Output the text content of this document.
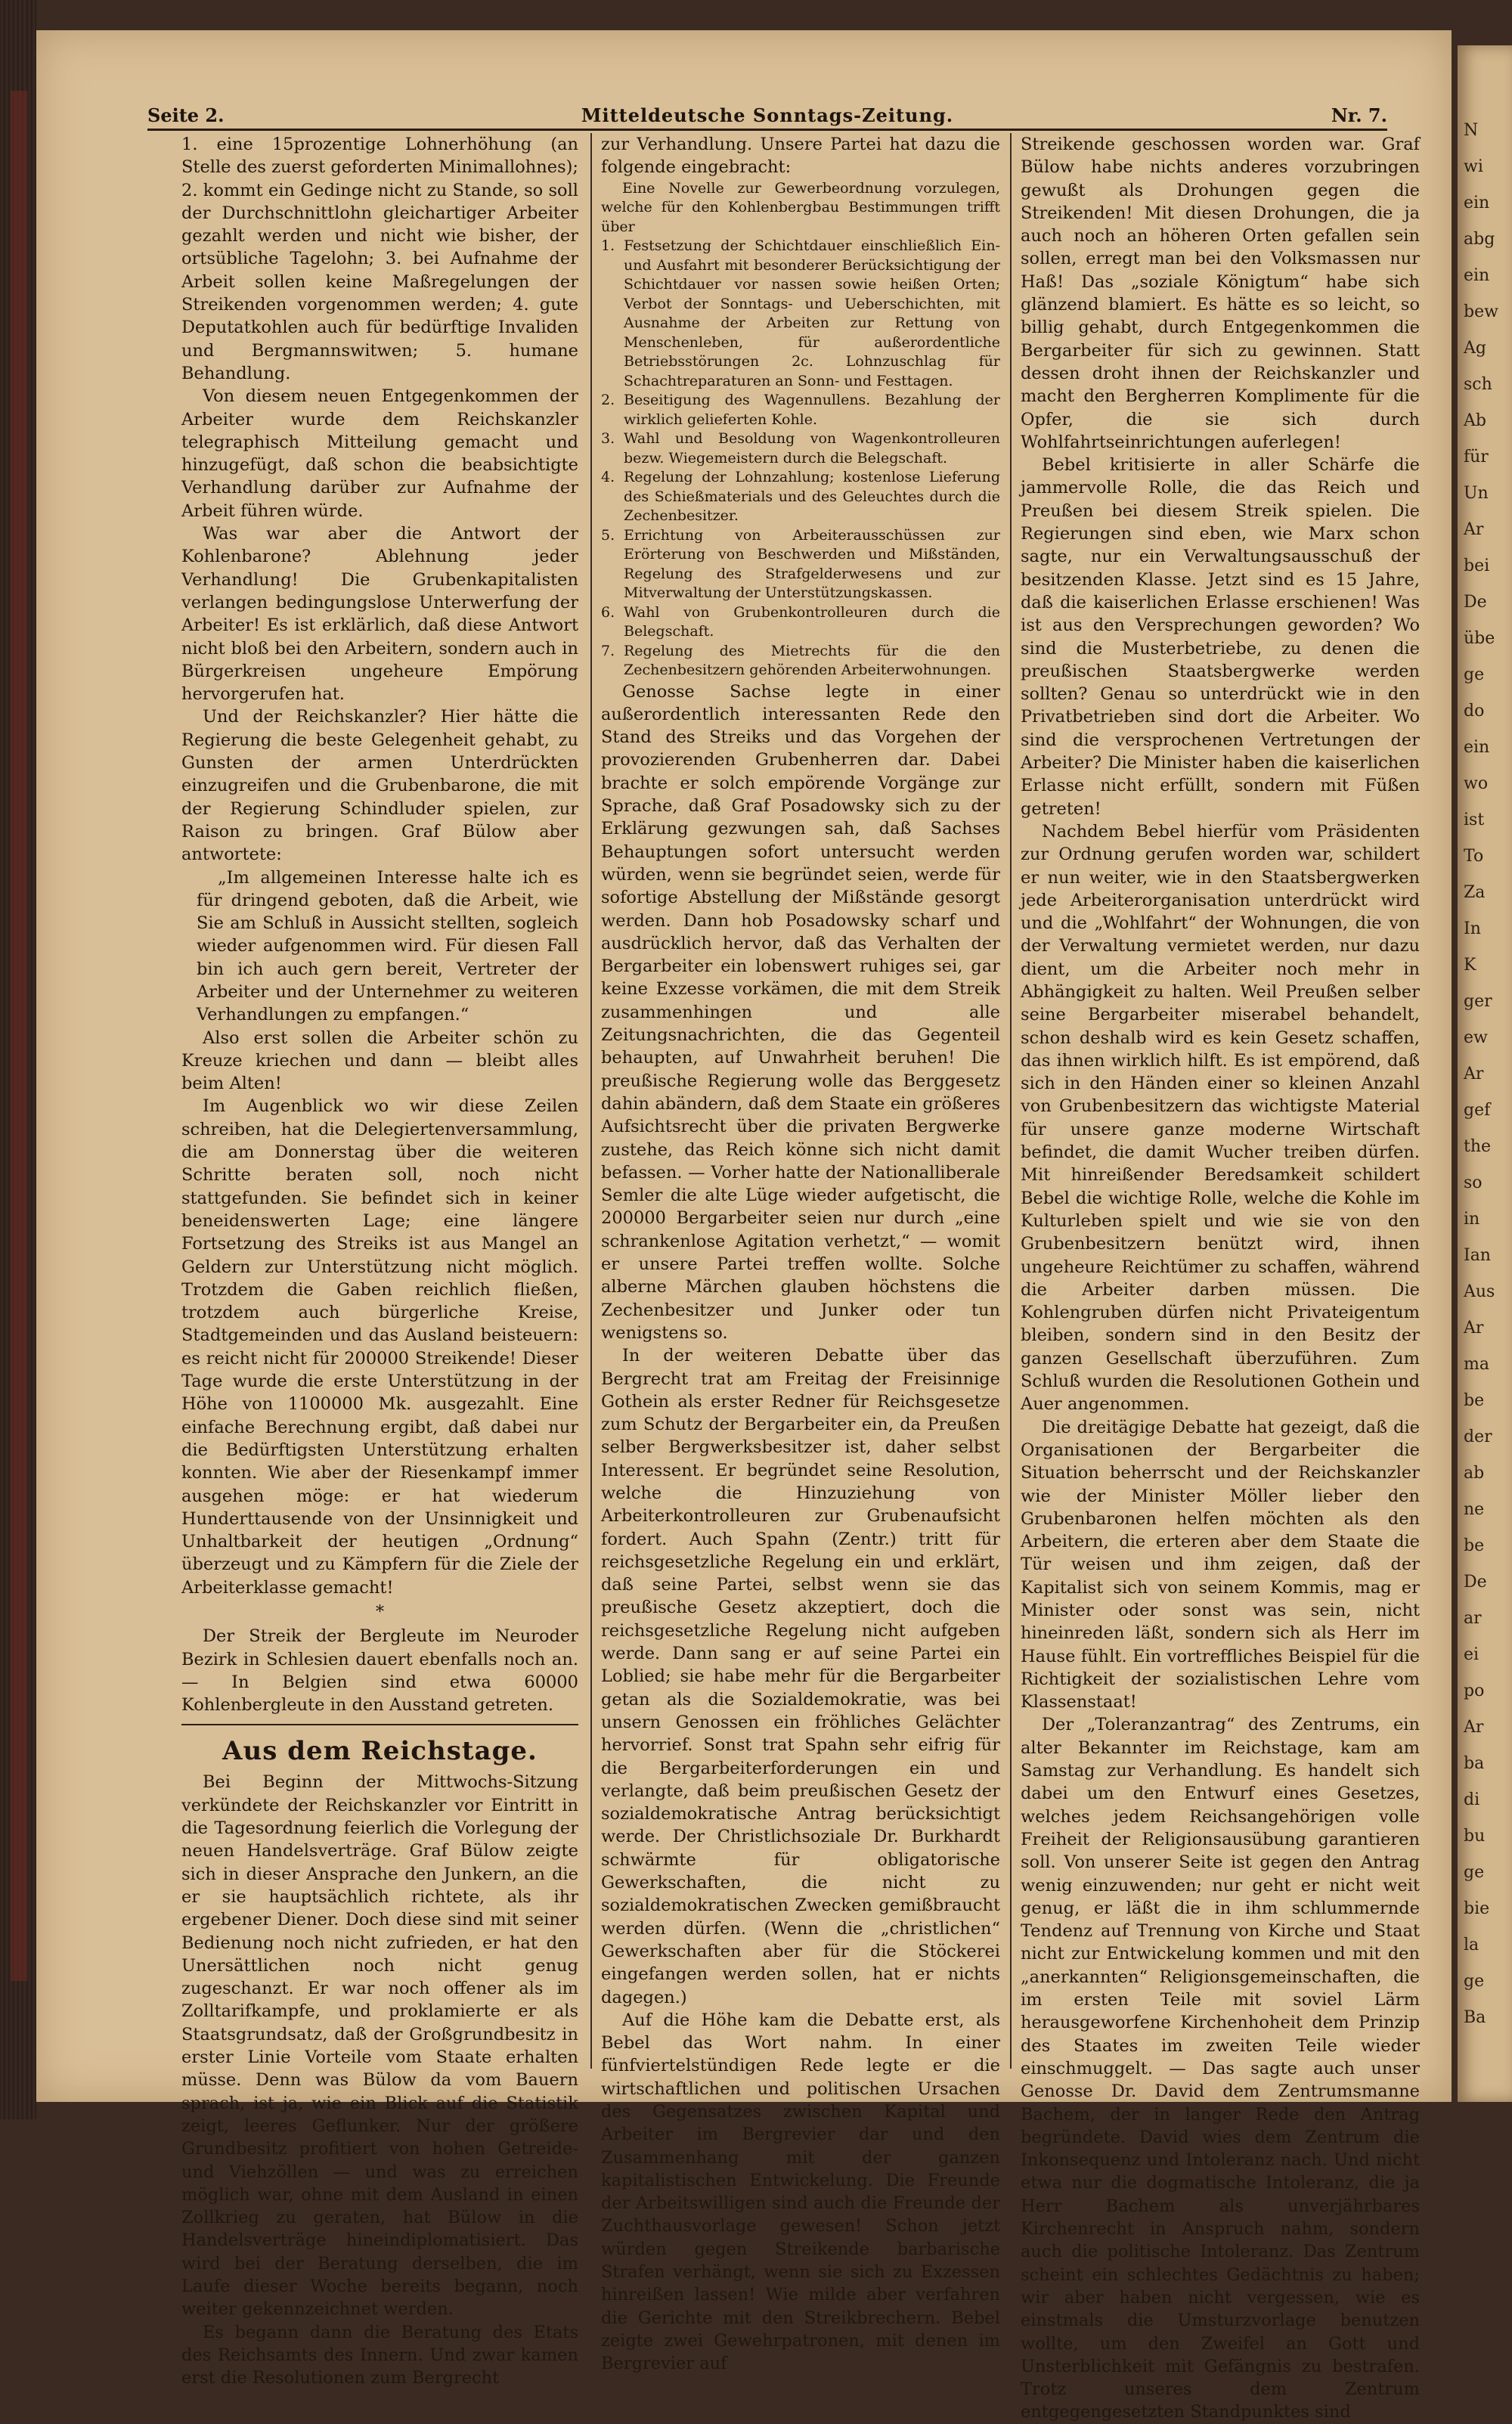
N
wi
ein
abg
ein
bew
Ag
sch
Ab
für
Un
Ar
bei
De
übe
ge
do
ein
wo
ist
To
Za
In
K
ger
ew
Ar
gef
the
so
in
Ian
Aus
Ar
ma
be
der
ab
ne
be
De
ar
ei
po
Ar
ba
di
bu
ge
bie
la
ge
Ba
Seite 2.	Mitteldeutsche Sonntags-Zeitung.	Nr. 7.

1. eine 15prozentige Lohnerhöhung (an Stelle des zuerst geforderten Minimallohnes); 2. kommt ein Gedinge nicht zu Stande, so soll der Durchschnittlohn gleichartiger Arbeiter gezahlt werden und nicht wie bisher, der ortsübliche Tagelohn; 3. bei Aufnahme der Arbeit sollen keine Maßregelungen der Streikenden vorgenommen werden; 4. gute Deputatkohlen auch für bedürftige Invaliden und Bergmannswitwen; 5. humane Behandlung.

Von diesem neuen Entgegenkommen der Arbeiter wurde dem Reichskanzler telegraphisch Mitteilung gemacht und hinzugefügt, daß schon die beabsichtigte Verhandlung darüber zur Aufnahme der Arbeit führen würde.

Was war aber die Antwort der Kohlenbarone? Ablehnung jeder Verhandlung! Die Grubenkapitalisten verlangen bedingungslose Unterwerfung der Arbeiter! Es ist erklärlich, daß diese Antwort nicht bloß bei den Arbeitern, sondern auch in Bürgerkreisen ungeheure Empörung hervorgerufen hat.

Und der Reichskanzler? Hier hätte die Regierung die beste Gelegenheit gehabt, zu Gunsten der armen Unterdrückten einzugreifen und die Grubenbarone, die mit der Regierung Schindluder spielen, zur Raison zu bringen. Graf Bülow aber antwortete:

„Im allgemeinen Interesse halte ich es für dringend geboten, daß die Arbeit, wie Sie am Schluß in Aussicht stellten, sogleich wieder aufgenommen wird. Für diesen Fall bin ich auch gern bereit, Vertreter der Arbeiter und der Unternehmer zu weiteren Verhandlungen zu empfangen.“

Also erst sollen die Arbeiter schön zu Kreuze kriechen und dann — bleibt alles beim Alten!

Im Augenblick wo wir diese Zeilen schreiben, hat die Delegiertenversammlung, die am Donnerstag über die weiteren Schritte beraten soll, noch nicht stattgefunden. Sie befindet sich in keiner beneidenswerten Lage; eine längere Fortsetzung des Streiks ist aus Mangel an Geldern zur Unterstützung nicht möglich. Trotzdem die Gaben reichlich fließen, trotzdem auch bürgerliche Kreise, Stadtgemeinden und das Ausland beisteuern: es reicht nicht für 200000 Streikende! Dieser Tage wurde die erste Unterstützung in der Höhe von 1100000 Mk. ausgezahlt. Eine einfache Berechnung ergibt, daß dabei nur die Bedürftigsten Unterstützung erhalten konnten. Wie aber der Riesenkampf immer ausgehen möge: er hat wiederum Hunderttausende von der Unsinnigkeit und Unhaltbarkeit der heutigen „Ordnung“ überzeugt und zu Kämpfern für die Ziele der Arbeiterklasse gemacht!

*

Der Streik der Bergleute im Neuroder Bezirk in Schlesien dauert ebenfalls noch an. — In Belgien sind etwa 60000 Kohlenbergleute in den Ausstand getreten.

Aus dem Reichstage.

Bei Beginn der Mittwochs-Sitzung verkündete der Reichskanzler vor Eintritt in die Tagesordnung feierlich die Vorlegung der neuen Handelsverträge. Graf Bülow zeigte sich in dieser Ansprache den Junkern, an die er sie hauptsächlich richtete, als ihr ergebener Diener. Doch diese sind mit seiner Bedienung noch nicht zufrieden, er hat den Unersättlichen noch nicht genug zugeschanzt. Er war noch offener als im Zolltarifkampfe, und proklamierte er als Staatsgrundsatz, daß der Großgrundbesitz in erster Linie Vorteile vom Staate erhalten müsse. Denn was Bülow da vom Bauern sprach, ist ja, wie ein Blick auf die Statistik zeigt, leeres Geflunker. Nur der größere Grundbesitz profitiert von hohen Getreide- und Viehzöllen — und was zu erreichen möglich war, ohne mit dem Ausland in einen Zollkrieg zu geraten, hat Bülow in die Handelsverträge hineindiplomatisiert. Das wird bei der Beratung derselben, die im Laufe dieser Woche bereits begann, noch weiter gekennzeichnet werden.

Es begann dann die Beratung des Etats des Reichsamts des Innern. Und zwar kamen erst die Resolutionen zum Bergrecht

zur Verhandlung. Unsere Partei hat dazu die folgende eingebracht:

Eine Novelle zur Gewerbeordnung vorzulegen, welche für den Kohlenbergbau Bestimmungen trifft über

1. Festsetzung der Schichtdauer einschließlich Ein- und Ausfahrt mit besonderer Berücksichtigung der Schichtdauer vor nassen sowie heißen Orten; Verbot der Sonntags- und Ueberschichten, mit Ausnahme der Arbeiten zur Rettung von Menschenleben, für außerordentliche Betriebsstörungen 2c. Lohnzuschlag für Schachtreparaturen an Sonn- und Festtagen.

2. Beseitigung des Wagennullens. Bezahlung der wirklich gelieferten Kohle.

3. Wahl und Besoldung von Wagenkontrolleuren bezw. Wiegemeistern durch die Belegschaft.

4. Regelung der Lohnzahlung; kostenlose Lieferung des Schießmaterials und des Geleuchtes durch die Zechenbesitzer.

5. Errichtung von Arbeiterausschüssen zur Erörterung von Beschwerden und Mißständen, Regelung des Strafgelderwesens und zur Mitverwaltung der Unterstützungskassen.

6. Wahl von Grubenkontrolleuren durch die Belegschaft.

7. Regelung des Mietrechts für die den Zechenbesitzern gehörenden Arbeiterwohnungen.

Genosse Sachse legte in einer außerordentlich interessanten Rede den Stand des Streiks und das Vorgehen der provozierenden Grubenherren dar. Dabei brachte er solch empörende Vorgänge zur Sprache, daß Graf Posadowsky sich zu der Erklärung gezwungen sah, daß Sachses Behauptungen sofort untersucht werden würden, wenn sie begründet seien, werde für sofortige Abstellung der Mißstände gesorgt werden. Dann hob Posadowsky scharf und ausdrücklich hervor, daß das Verhalten der Bergarbeiter ein lobenswert ruhiges sei, gar keine Exzesse vorkämen, die mit dem Streik zusammenhingen und alle Zeitungsnachrichten, die das Gegenteil behaupten, auf Unwahrheit beruhen! Die preußische Regierung wolle das Berggesetz dahin abändern, daß dem Staate ein größeres Aufsichtsrecht über die privaten Bergwerke zustehe, das Reich könne sich nicht damit befassen. — Vorher hatte der Nationalliberale Semler die alte Lüge wieder aufgetischt, die 200000 Bergarbeiter seien nur durch „eine schrankenlose Agitation verhetzt,“ — womit er unsere Partei treffen wollte. Solche alberne Märchen glauben höchstens die Zechenbesitzer und Junker oder tun wenigstens so.

In der weiteren Debatte über das Bergrecht trat am Freitag der Freisinnige Gothein als erster Redner für Reichsgesetze zum Schutz der Bergarbeiter ein, da Preußen selber Bergwerksbesitzer ist, daher selbst Interessent. Er begründet seine Resolution, welche die Hinzuziehung von Arbeiterkontrolleuren zur Grubenaufsicht fordert. Auch Spahn (Zentr.) tritt für reichsgesetzliche Regelung ein und erklärt, daß seine Partei, selbst wenn sie das preußische Gesetz akzeptiert, doch die reichsgesetzliche Regelung nicht aufgeben werde. Dann sang er auf seine Partei ein Loblied; sie habe mehr für die Bergarbeiter getan als die Sozialdemokratie, was bei unsern Genossen ein fröhliches Gelächter hervorrief. Sonst trat Spahn sehr eifrig für die Bergarbeiterforderungen ein und verlangte, daß beim preußischen Gesetz der sozialdemokratische Antrag berücksichtigt werde. Der Christlichsoziale Dr. Burkhardt schwärmte für obligatorische Gewerkschaften, die nicht zu sozialdemokratischen Zwecken gemißbraucht werden dürfen. (Wenn die „christlichen“ Gewerkschaften aber für die Stöckerei eingefangen werden sollen, hat er nichts dagegen.)

Auf die Höhe kam die Debatte erst, als Bebel das Wort nahm. In einer fünfviertelstündigen Rede legte er die wirtschaftlichen und politischen Ursachen des Gegensatzes zwischen Kapital und Arbeiter im Bergrevier dar und den Zusammenhang mit der ganzen kapitalistischen Entwickelung. Die Freunde der Arbeitswilligen sind auch die Freunde der Zuchthausvorlage gewesen! Schon jetzt würden gegen Streikende barbarische Strafen verhängt, wenn sie sich zu Exzessen hinreißen lassen! Wie milde aber verfahren die Gerichte mit den Streikbrechern. Bebel zeigte zwei Gewehrpatronen, mit denen im Bergrevier auf

Streikende geschossen worden war. Graf Bülow habe nichts anderes vorzubringen gewußt als Drohungen gegen die Streikenden! Mit diesen Drohungen, die ja auch noch an höheren Orten gefallen sein sollen, erregt man bei den Volksmassen nur Haß! Das „soziale Königtum“ habe sich glänzend blamiert. Es hätte es so leicht, so billig gehabt, durch Entgegenkommen die Bergarbeiter für sich zu gewinnen. Statt dessen droht ihnen der Reichskanzler und macht den Bergherren Komplimente für die Opfer, die sie sich durch Wohlfahrtseinrichtungen auferlegen!

Bebel kritisierte in aller Schärfe die jammervolle Rolle, die das Reich und Preußen bei diesem Streik spielen. Die Regierungen sind eben, wie Marx schon sagte, nur ein Verwaltungsausschuß der besitzenden Klasse. Jetzt sind es 15 Jahre, daß die kaiserlichen Erlasse erschienen! Was ist aus den Versprechungen geworden? Wo sind die Musterbetriebe, zu denen die preußischen Staatsbergwerke werden sollten? Genau so unterdrückt wie in den Privatbetrieben sind dort die Arbeiter. Wo sind die versprochenen Vertretungen der Arbeiter? Die Minister haben die kaiserlichen Erlasse nicht erfüllt, sondern mit Füßen getreten!

Nachdem Bebel hierfür vom Präsidenten zur Ordnung gerufen worden war, schildert er nun weiter, wie in den Staatsbergwerken jede Arbeiterorganisation unterdrückt wird und die „Wohlfahrt“ der Wohnungen, die von der Verwaltung vermietet werden, nur dazu dient, um die Arbeiter noch mehr in Abhängigkeit zu halten. Weil Preußen selber seine Bergarbeiter miserabel behandelt, schon deshalb wird es kein Gesetz schaffen, das ihnen wirklich hilft. Es ist empörend, daß sich in den Händen einer so kleinen Anzahl von Grubenbesitzern das wichtigste Material für unsere ganze moderne Wirtschaft befindet, die damit Wucher treiben dürfen. Mit hinreißender Beredsamkeit schildert Bebel die wichtige Rolle, welche die Kohle im Kulturleben spielt und wie sie von den Grubenbesitzern benützt wird, ihnen ungeheure Reichtümer zu schaffen, während die Arbeiter darben müssen. Die Kohlengruben dürfen nicht Privateigentum bleiben, sondern sind in den Besitz der ganzen Gesellschaft überzuführen. Zum Schluß wurden die Resolutionen Gothein und Auer angenommen.

Die dreitägige Debatte hat gezeigt, daß die Organisationen der Bergarbeiter die Situation beherrscht und der Reichskanzler wie der Minister Möller lieber den Grubenbaronen helfen möchten als den Arbeitern, die erteren aber dem Staate die Tür weisen und ihm zeigen, daß der Kapitalist sich von seinem Kommis, mag er Minister oder sonst was sein, nicht hineinreden läßt, sondern sich als Herr im Hause fühlt. Ein vortreffliches Beispiel für die Richtigkeit der sozialistischen Lehre vom Klassenstaat!

Der „Toleranzantrag“ des Zentrums, ein alter Bekannter im Reichstage, kam am Samstag zur Verhandlung. Es handelt sich dabei um den Entwurf eines Gesetzes, welches jedem Reichsangehörigen volle Freiheit der Religionsausübung garantieren soll. Von unserer Seite ist gegen den Antrag wenig einzuwenden; nur geht er nicht weit genug, er läßt die in ihm schlummernde Tendenz auf Trennung von Kirche und Staat nicht zur Entwickelung kommen und mit den „anerkannten“ Religionsgemeinschaften, die im ersten Teile mit soviel Lärm herausgeworfene Kirchenhoheit dem Prinzip des Staates im zweiten Teile wieder einschmuggelt. — Das sagte auch unser Genosse Dr. David dem Zentrumsmanne Bachem, der in langer Rede den Antrag begründete. David wies dem Zentrum die Inkonsequenz und Intoleranz nach. Und nicht etwa nur die dogmatische Intoleranz, die ja Herr Bachem als unverjährbares Kirchenrecht in Anspruch nahm, sondern auch die politische Intoleranz. Das Zentrum scheint ein schlechtes Gedächtnis zu haben; wir aber haben nicht vergessen, wie es einstmals die Umsturzvorlage benutzen wollte, um den Zweifel an Gott und Unsterblichkeit mit Gefängnis zu bestrafen. Trotz unseres dem Zentrum entgegengesetzten Standpunktes sind
